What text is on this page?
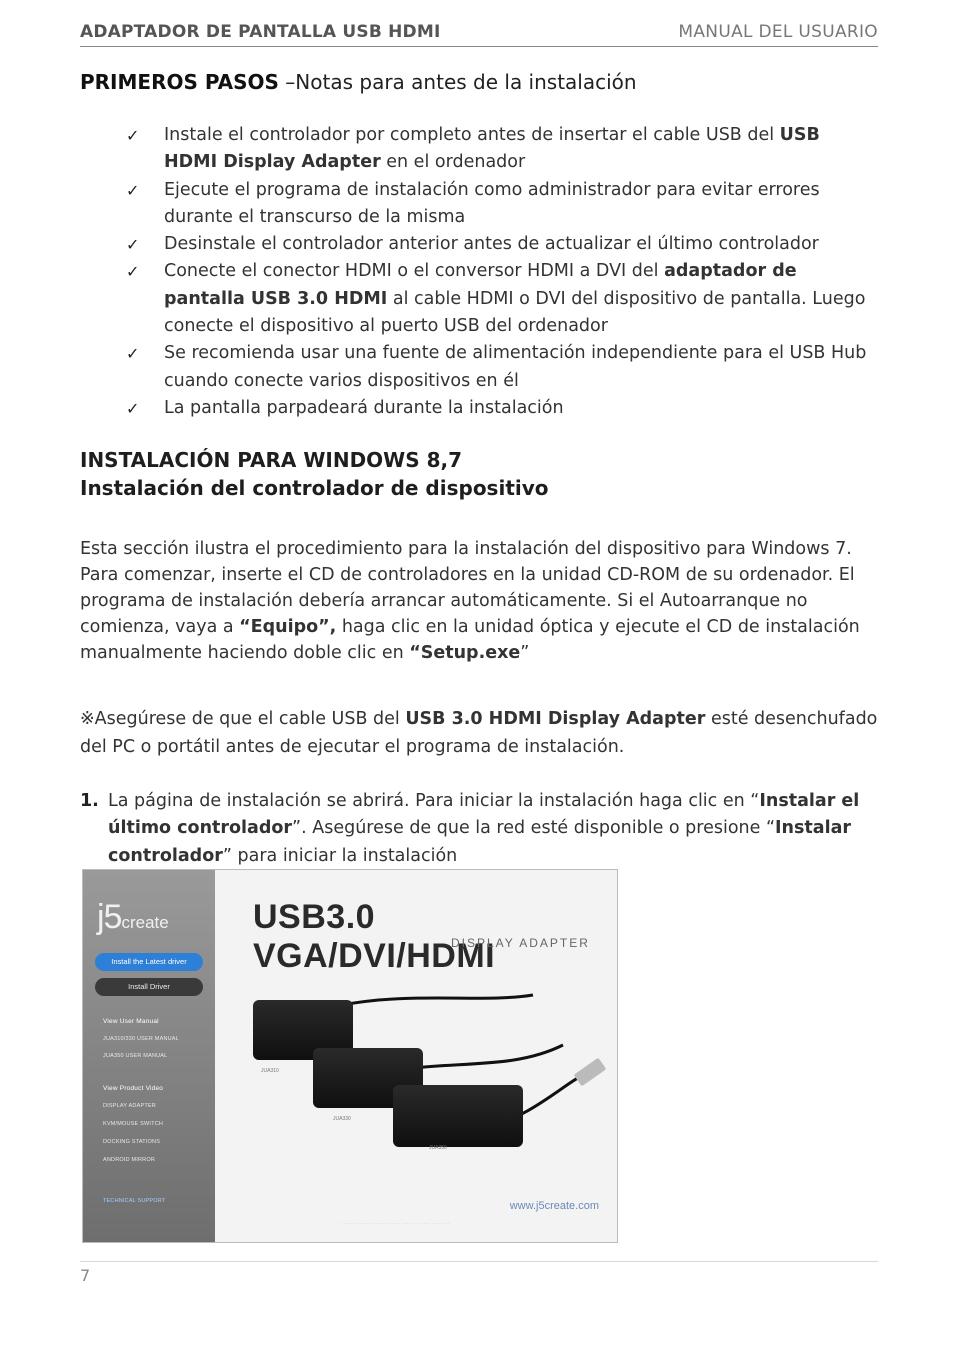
ADAPTADOR DE PANTALLA USB HDMI	MANUAL DEL USUARIO
PRIMEROS PASOS –Notas para antes de la instalación
✓ Instale el controlador por completo antes de insertar el cable USB del USB HDMI Display Adapter en el ordenador
✓ Ejecute el programa de instalación como administrador para evitar errores durante el transcurso de la misma
✓ Desinstale el controlador anterior antes de actualizar el último controlador
✓ Conecte el conector HDMI o el conversor HDMI a DVI del adaptador de pantalla USB 3.0 HDMI al cable HDMI o DVI del dispositivo de pantalla. Luego conecte el dispositivo al puerto USB del ordenador
✓ Se recomienda usar una fuente de alimentación independiente para el USB Hub cuando conecte varios dispositivos en él
✓ La pantalla parpadeará durante la instalación
INSTALACIÓN PARA WINDOWS 8,7
Instalación del controlador de dispositivo
Esta sección ilustra el procedimiento para la instalación del dispositivo para Windows 7. Para comenzar, inserte el CD de controladores en la unidad CD-ROM de su ordenador. El programa de instalación debería arrancar automáticamente. Si el Autoarranque no comienza, vaya a “Equipo”, haga clic en la unidad óptica y ejecute el CD de instalación manualmente haciendo doble clic en “Setup.exe”
※Asegúrese de que el cable USB del USB 3.0 HDMI Display Adapter esté desenchufado del PC o portátil antes de ejecutar el programa de instalación.
1. La página de instalación se abrirá. Para iniciar la instalación haga clic en “Instalar el último controlador”. Asegúrese de que la red esté disponible o presione “Instalar controlador” para iniciar la instalación
j5create
Install the Latest driver
Install Driver
View User Manual
JUA310/330 USER MANUAL
JUA350 USER MANUAL
View Product Video
DISPLAY ADAPTER
KVM/MOUSE SWITCH
DOCKING STATIONS
ANDROID MIRROR
TECHNICAL SUPPORT
USB3.0 VGA/DVI/HDMI
DISPLAY ADAPTER
JUA310
JUA330
JUA350
www.j5create.com
· · · · · · · · · · · · · · · · · · · · · · · · · · · · · · · · · · · · · · · ·
7
